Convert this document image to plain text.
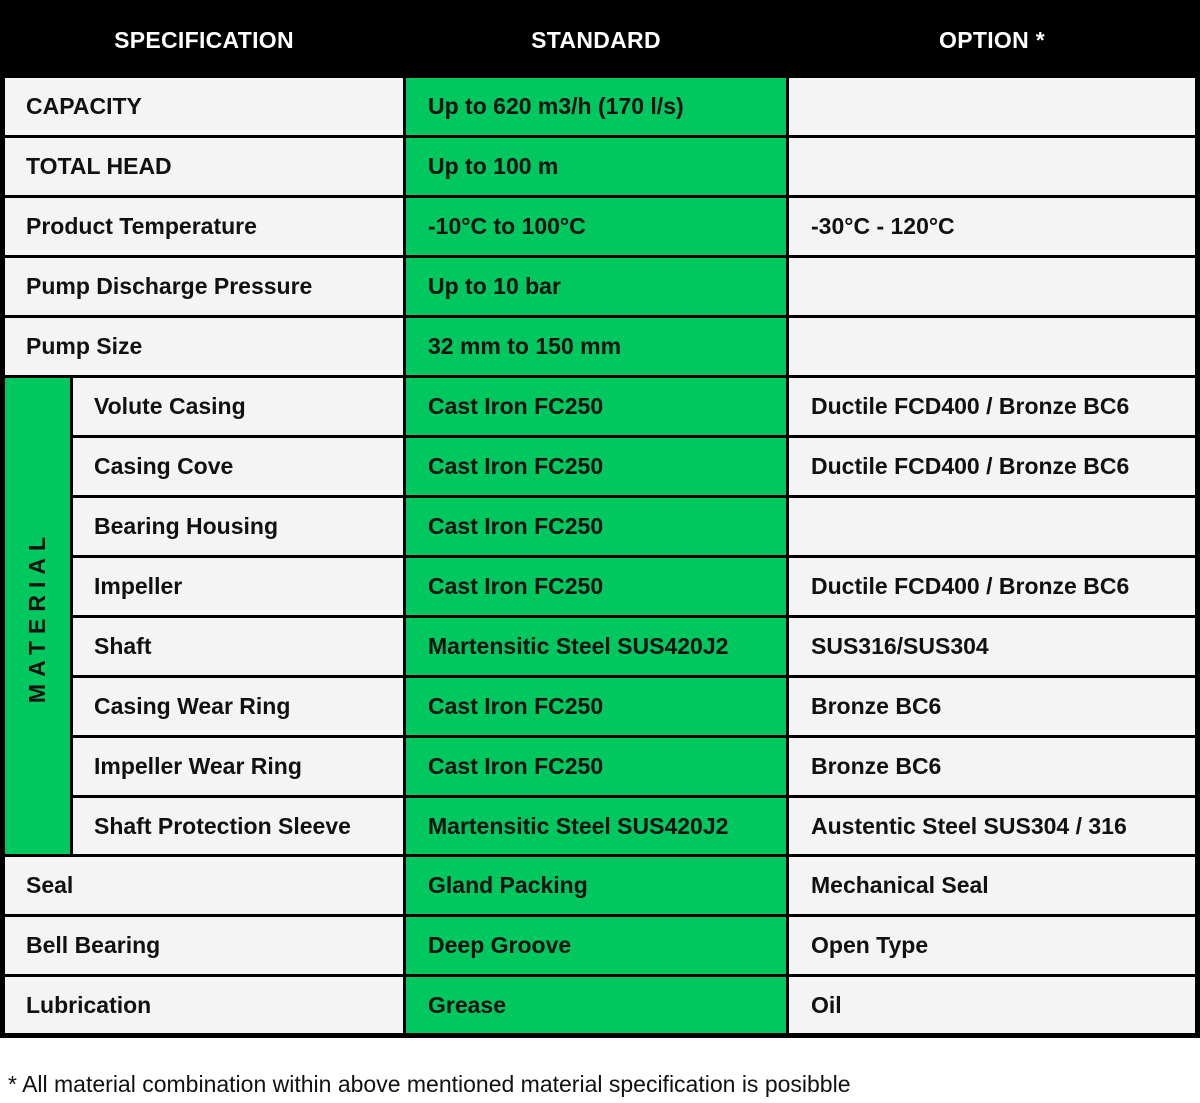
SPECIFICATION	STANDARD	OPTION *
CAPACITY	Up to 620 m3/h (170 l/s)
TOTAL HEAD	Up to 100 m
Product Temperature	-10°C to 100°C	-30°C - 120°C
Pump Discharge Pressure	Up to 10 bar
Pump Size	32 mm to 150 mm
MATERIAL
Volute Casing	Cast Iron FC250	Ductile FCD400 / Bronze BC6
Casing Cove	Cast Iron FC250	Ductile FCD400 / Bronze BC6
Bearing Housing	Cast Iron FC250
Impeller	Cast Iron FC250	Ductile FCD400 / Bronze BC6
Shaft	Martensitic Steel SUS420J2	SUS316/SUS304
Casing Wear Ring	Cast Iron FC250	Bronze BC6
Impeller Wear Ring	Cast Iron FC250	Bronze BC6
Shaft Protection Sleeve	Martensitic Steel SUS420J2	Austentic Steel SUS304 / 316
Seal	Gland Packing	Mechanical Seal
Bell Bearing	Deep Groove	Open Type
Lubrication	Grease	Oil
* All material combination within above mentioned material specification is posibble
